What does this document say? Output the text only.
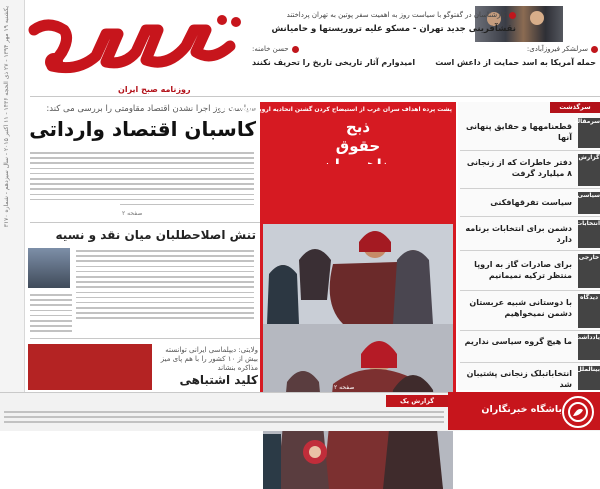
یکشنبه ۱۹ مهر ۱۳۹۴ - ۲۷ ذی الحجه ۱۴۳۶ - ۱۱ اکتبر ۲۰۱۵ - سال سیزدهم - شماره ۳۱۷۰
روزنامه صبح ایران
کارشناسان در گفتوگو با سیاست روز به اهمیت سفر پوتین به تهران پرداختند
نقشآفرینی جدید تهران - مسکو علیه تروریستها و حامیانش
سرلشکر فیروزآبادی:
حمله آمریکا به اسد حمایت از داعش است
حسن خامنه:
امیدوارم آثار تاریخی تاریخ را تحریف نکنند
سیاست روز اجرا نشدن اقتصاد مقاومتی را بررسی می کند:
کاسبان اقتصاد وارداتی
صفحه ۲
تنش اصلاحطلبان میان نقد و نسیه
ولایتی: دیپلماسی ایرانی توانسته بیش از ۱۰ کشور را با هم پای میز مذاکره بنشاند
کلید اشتباهی
پشت پرده اهداف سران غرب از استیضاح کردن گشتن اتحادیه اروپا آشکار تر شد
ذبح
حقوق
صفحه ۲
سرگذشت
سرمقاله
قطعنامهها و حقایق پنهانی آنها
گزارش
دفتر خاطرات که از زنجانی ۸ میلیارد گرفت
سیاسی
سیاست تفرقهافکنی
انتخابات
دشمن برای انتخابات برنامه دارد
خارجی
برای صادرات گاز به اروپا منتظر ترکیه نمیمانیم
دیدگاه
با دوستانی شبیه عربستان دشمن نمیخواهیم
یادداشت
ما هیچ گروه سیاسی نداریم
بینالملل
انتخاباتبلک زنجانی پشتیبان شد
گزارش یک
باشگاه خبرنگاران
